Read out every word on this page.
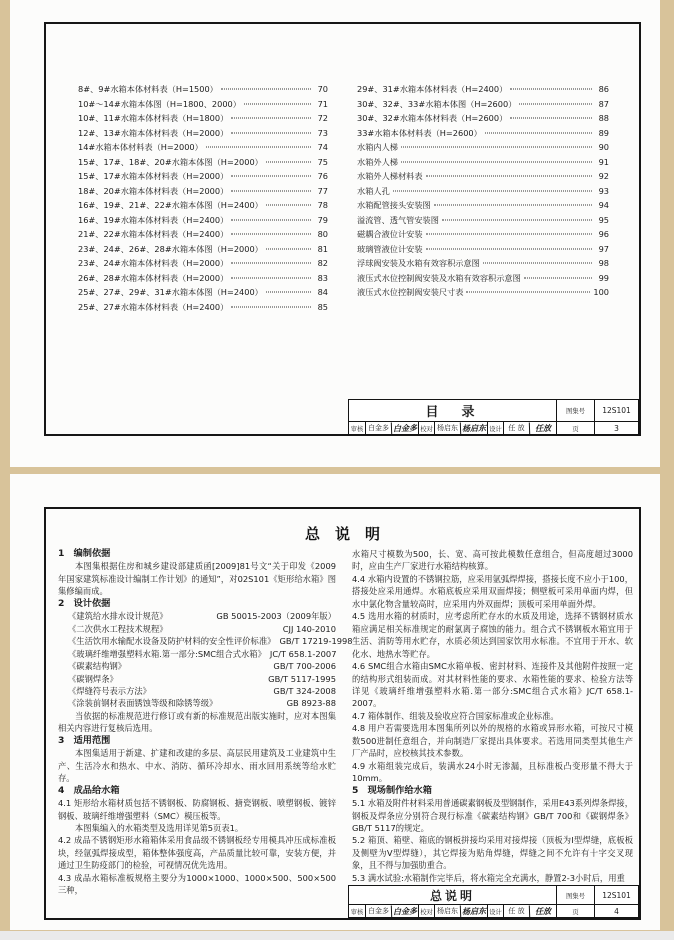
8#、9#水箱本体材料表（H=1500）	70
10#～14#水箱本体图（H=1800、2000）	71
10#、11#水箱本体材料表（H=1800）	72
12#、13#水箱本体材料表（H=2000）	73
14#水箱本体材料表（H=2000）	74
15#、17#、18#、20#水箱本体图（H=2000）	75
15#、17#水箱本体材料表（H=2000）	76
18#、20#水箱本体材料表（H=2000）	77
16#、19#、21#、22#水箱本体图（H=2400）	78
16#、19#水箱本体材料表（H=2400）	79
21#、22#水箱本体材料表（H=2400）	80
23#、24#、26#、28#水箱本体图（H=2000）	81
23#、24#水箱本体材料表（H=2000）	82
26#、28#水箱本体材料表（H=2000）	83
25#、27#、29#、31#水箱本体图（H=2400）	84
25#、27#水箱本体材料表（H=2400）	85
29#、31#水箱本体材料表（H=2400）	86
30#、32#、33#水箱本体图（H=2600）	87
30#、32#水箱本体材料表（H=2600）	88
33#水箱本体材料表（H=2600）	89
水箱内人梯	90
水箱外人梯	91
水箱外人梯材料表	92
水箱人孔	93
水箱配管接头安装图	94
溢流管、透气管安装图	95
磁耦合液位计安装	96
玻璃管液位计安装	97
浮球阀安装及水箱有效容积示意图	98
液压式水位控制阀安装及水箱有效容积示意图	99
液压式水位控制阀安装尺寸表	100
目　录	图集号	12S101
审核 白金多 白金多 校对 杨启东 杨启东 设计 任 放	任放	页	3
总　说　明
1　编制依据

本图集根据住房和城乡建设部建质函[2009]81号文“关于印发《2009年国家建筑标准设计编制工作计划》的通知”，对02S101《矩形给水箱》图集修编而成。

2　设计依据
《建筑给水排水设计规范》	GB 50015-2003（2009年版）
《二次供水工程技术规程》	CJJ 140-2010
《生活饮用水输配水设备及防护材料的安全性评价标准》 GB/T 17219-1998
《玻璃纤维增强塑料水箱.第一部分:SMC组合式水箱》 JC/T 658.1-2007
《碳素结构钢》	GB/T 700-2006
《碳钢焊条》	GB/T 5117-1995
《焊缝符号表示方法》	GB/T 324-2008
《涂装前钢材表面锈蚀等级和除锈等级》	GB 8923-88

当依据的标准规范进行修订或有新的标准规范出版实施时，应对本图集相关内容进行复核后选用。

3　适用范围

本图集适用于新建、扩建和改建的多层、高层民用建筑及工业建筑中生产、生活冷水和热水、中水、消防、循环冷却水、雨水回用系统等给水贮存。

4　成品给水箱

4.1 矩形给水箱材质包括不锈钢板、防腐钢板、搪瓷钢板、喷塑钢板、镀锌钢板、玻璃纤维增强塑料（SMC）模压板等。

本图集编入的水箱类型及选用详见第5页表1。

4.2 成品不锈钢矩形水箱箱体采用食品级不锈钢板经专用模具冲压成标准板块，经氩弧焊接成型，箱体整体强度高，产品质量比较可靠，安装方便，并通过卫生防疫部门的检验，可视情况优先选用。

4.3 成品水箱标准板规格主要分为1000×1000、1000×500、500×500三种，

水箱尺寸模数为500，长、宽、高可按此模数任意组合，但高度超过3000时，应由生产厂家进行水箱结构核算。

4.4 水箱内设置的不锈钢拉筋，应采用氩弧焊焊接，搭接长度不应小于100，搭接处应采用通焊。水箱底板应采用双面焊接；侧壁板可采用单面内焊，但水中氯化物含量较高时，应采用内外双面焊；顶板可采用单面外焊。

4.5 选用水箱的材质时，应考虑所贮存水的水质及用途，选择不锈钢材质水箱应满足相关标准规定的耐氯离子腐蚀的能力。组合式不锈钢板水箱宜用于生活、消防等用水贮存，水质必须达到国家饮用水标准。不宜用于开水、软化水、地热水等贮存。

4.6 SMC组合水箱由SMC水箱单板、密封材料、连接件及其他附件按照一定的结构形式组装而成。对其材料性能的要求、水箱性能的要求、检验方法等详见《玻璃纤维增强塑料水箱.第一部分:SMC组合式水箱》JC/T 658.1-2007。

4.7 箱体制作、组装及验收应符合国家标准或企业标准。

4.8 用户若需要选用本图集所列以外的规格的水箱或异形水箱，可按尺寸模数500进制任意组合，并向制造厂家提出具体要求。若选用同类型其他生产厂产品时，应校核其技术参数。

4.9 水箱组装完成后，装满水24小时无渗漏，且标准板凸变形量不得大于10mm。

5　现场制作给水箱

5.1 水箱及附件材料采用普通碳素钢板及型钢制作，采用E43系列焊条焊接，钢板及焊条应分别符合现行标准《碳素结构钢》GB/T 700和《碳钢焊条》GB/T 5117的规定。

5.2 箱顶、箱壁、箱底的钢板拼接均采用对接焊接（顶板为I型焊缝，底板板及侧壁为V型焊缝），其它焊接为贴角焊缝，焊缝之间不允许有十字交叉现象，且不得与加强肋重合。

5.3 满水试验:水箱制作完毕后，将水箱完全充满水，静置2-3小时后，用重

总说明	图集号	12S101
审核 白金多 白金多 校对 杨启东 杨启东 设计 任 放	任放	页	4
